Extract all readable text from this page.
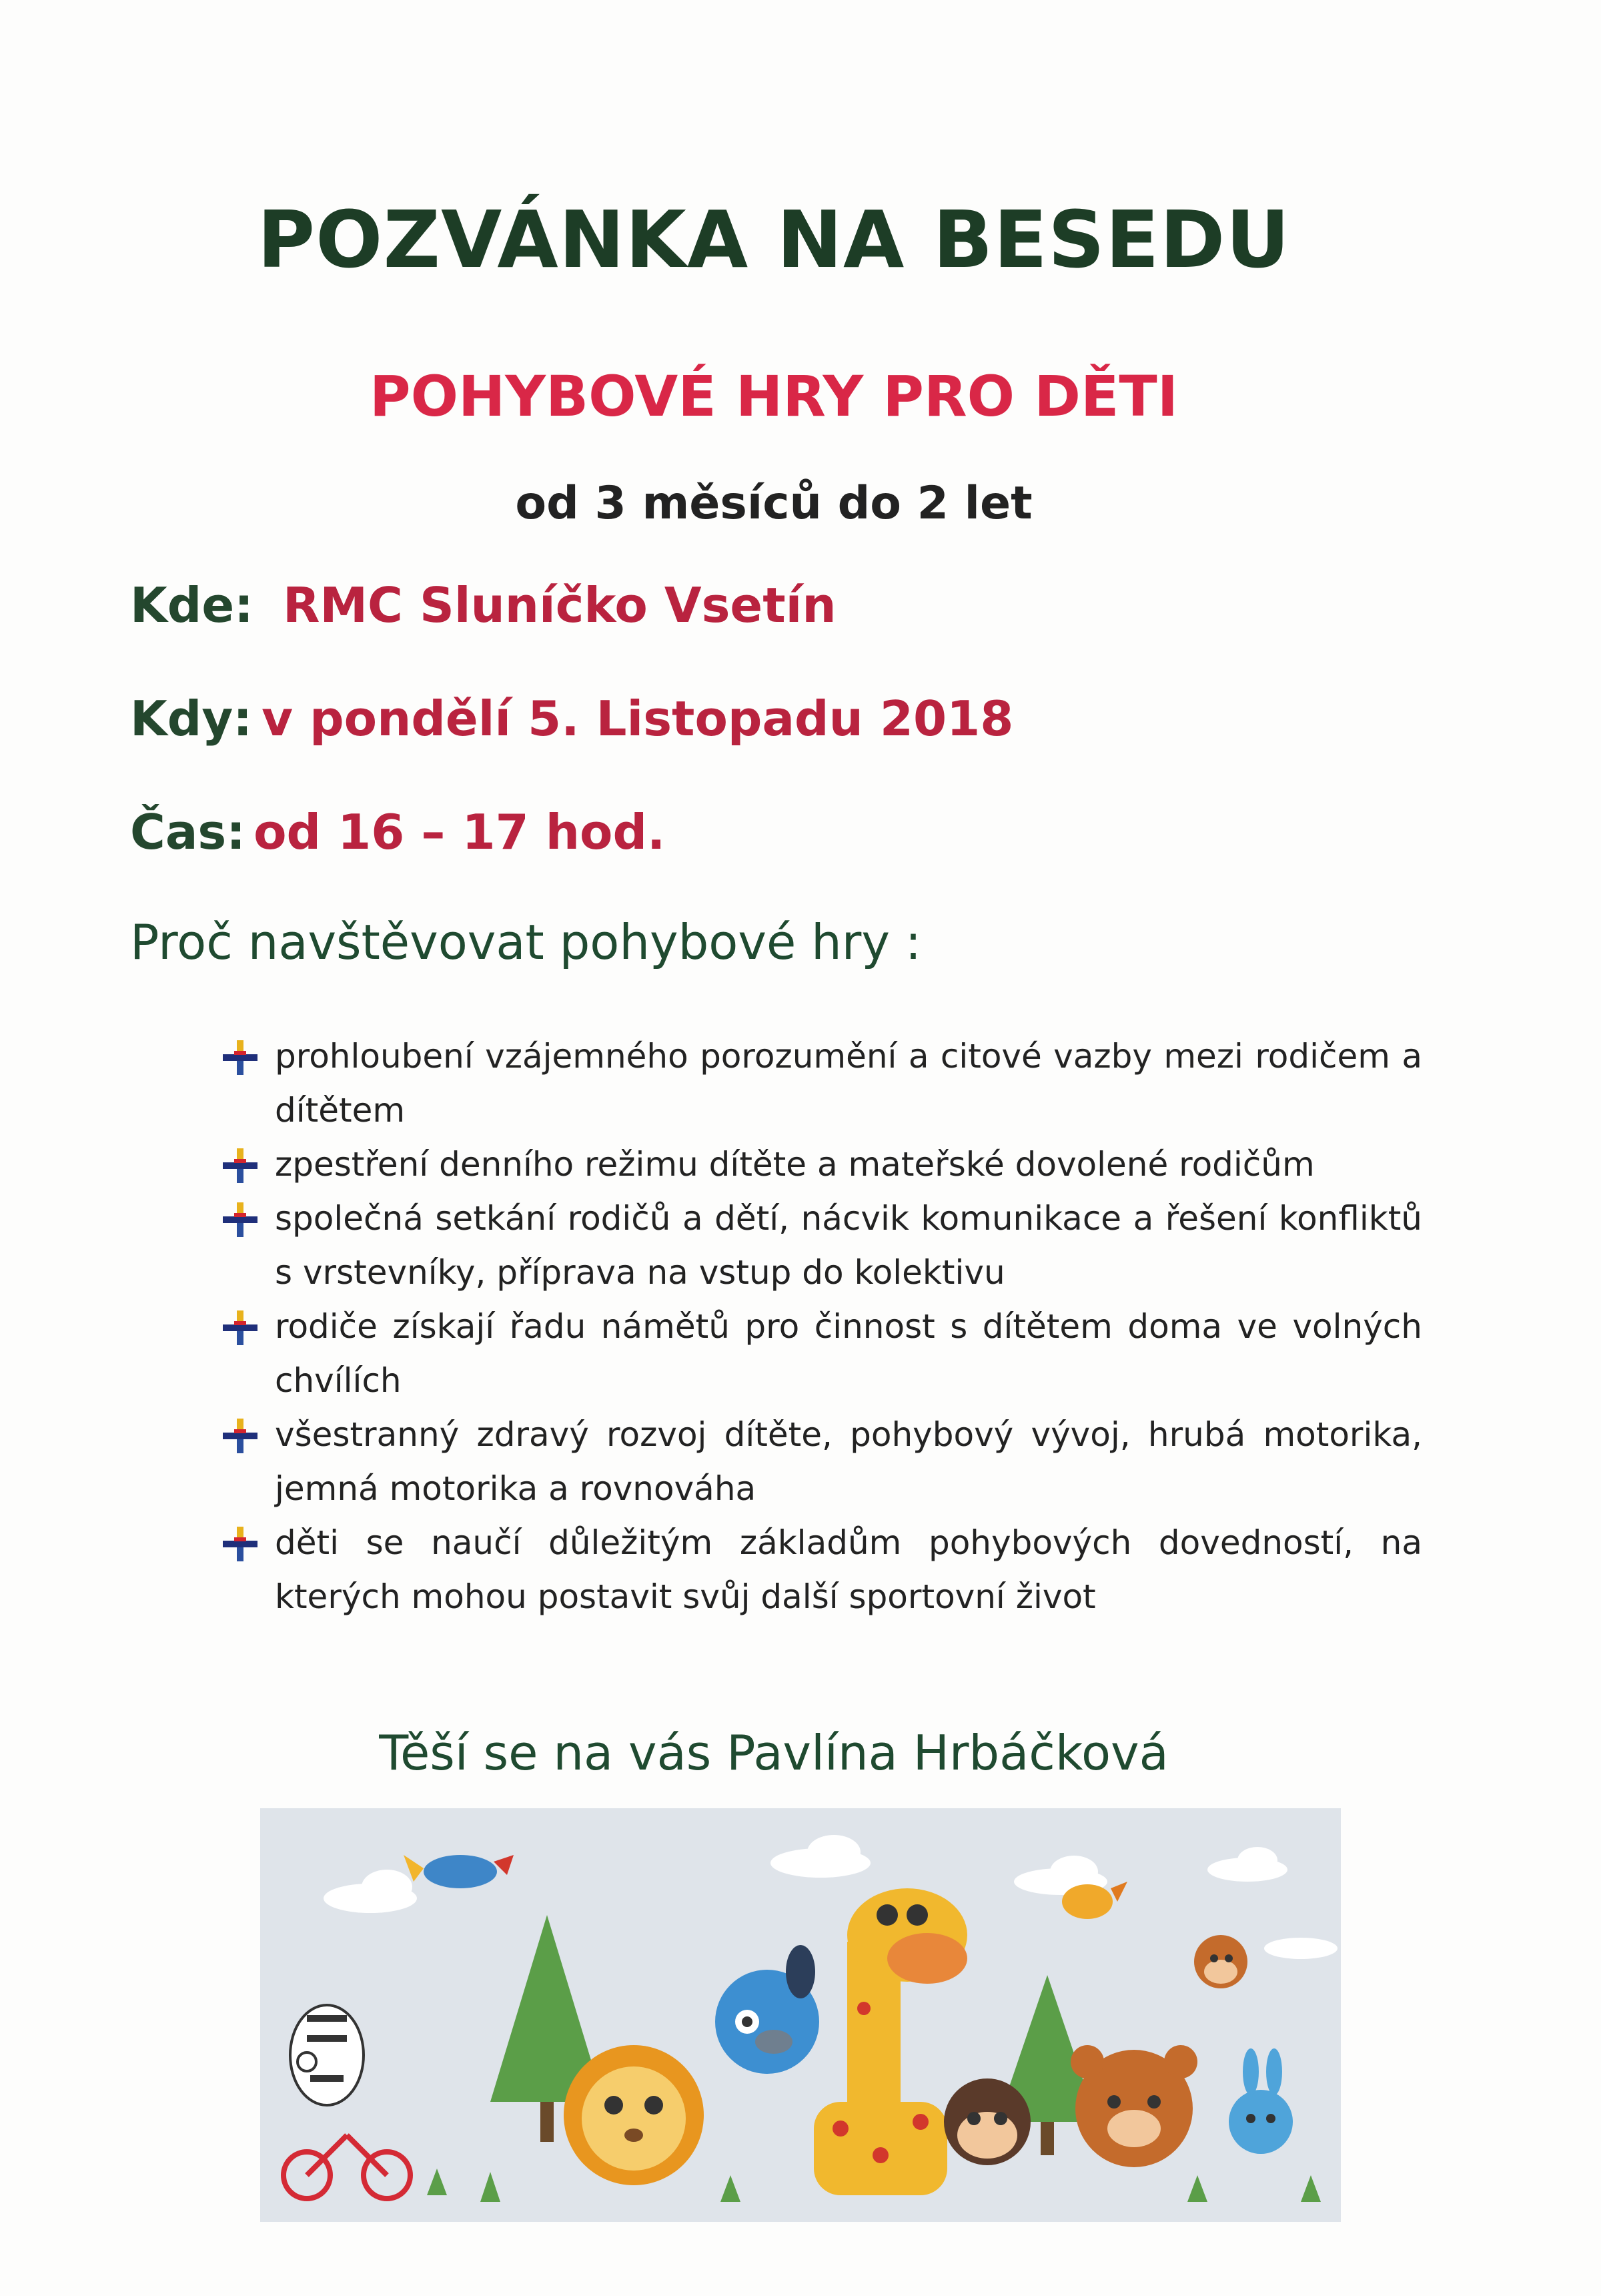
POZVÁNKA NA BESEDU
POHYBOVÉ HRY PRO DĚTI
od 3 měsíců do 2 let
Kde: RMC Sluníčko Vsetín
Kdy: v pondělí 5. Listopadu 2018
Čas: od 16 – 17 hod.
Proč navštěvovat pohybové hry :
prohloubení vzájemného porozumění a citové vazby mezi rodičem a dítětem
zpestření denního režimu dítěte a mateřské dovolené rodičům
společná setkání rodičů a dětí, nácvik komunikace a řešení konfliktů s vrstevníky, příprava na vstup do kolektivu
rodiče získají řadu námětů pro činnost s dítětem doma ve volných chvílích
všestranný zdravý rozvoj dítěte, pohybový vývoj, hrubá motorika, jemná motorika a rovnováha
děti se naučí důležitým základům pohybových dovedností, na kterých mohou postavit svůj další sportovní život
Těší se na vás Pavlína Hrbáčková
